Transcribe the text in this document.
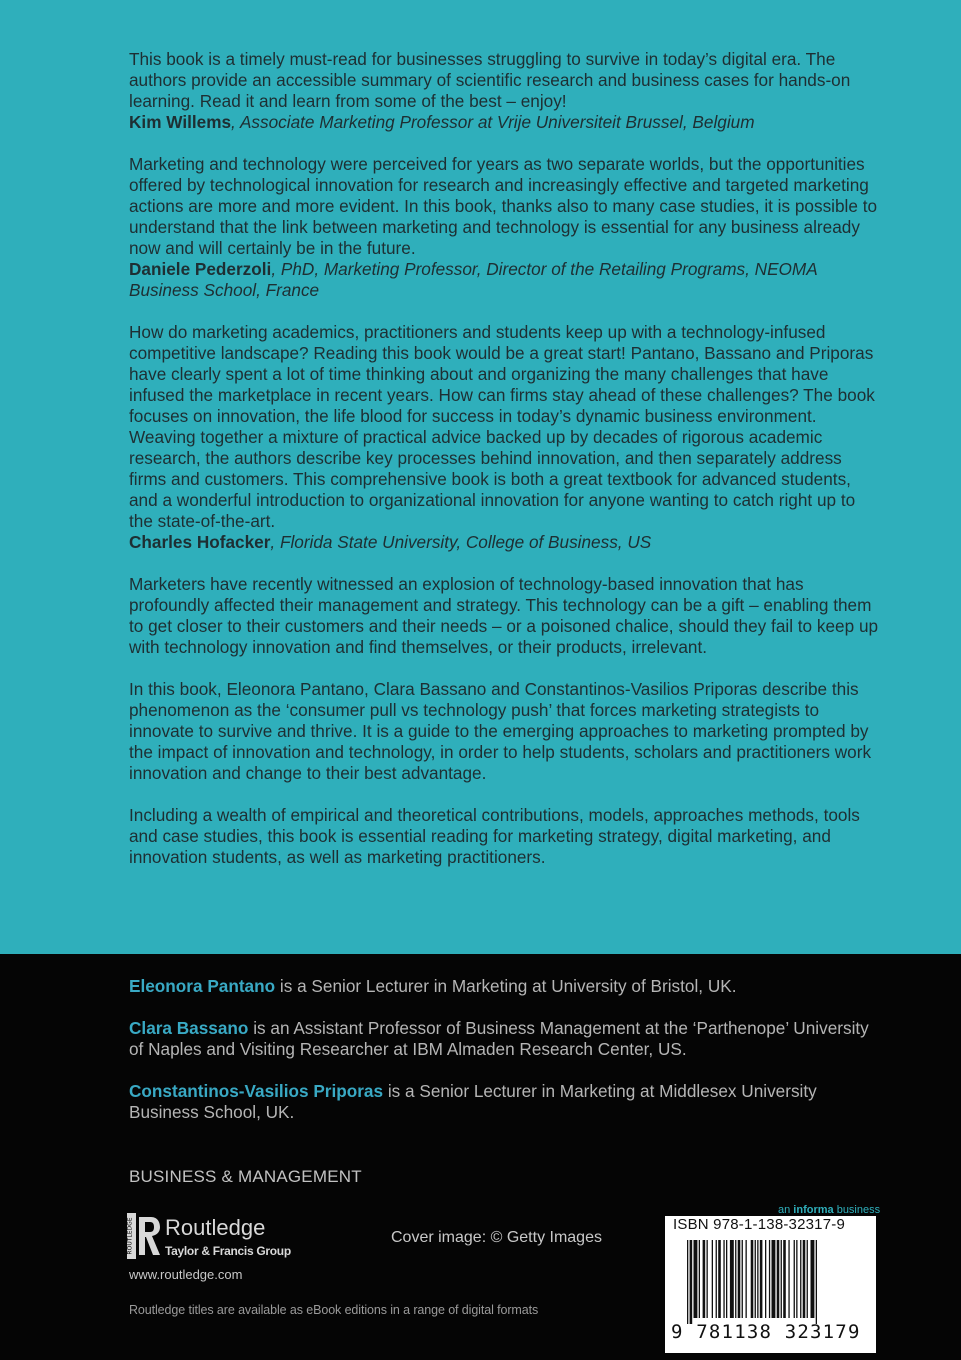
This book is a timely must-read for businesses struggling to survive in today’s digital era. The authors provide an accessible summary of scientific research and business cases for hands-on learning. Read it and learn from some of the best – enjoy!
Kim Willems, Associate Marketing Professor at Vrije Universiteit Brussel, Belgium

Marketing and technology were perceived for years as two separate worlds, but the opportunities offered by technological innovation for research and increasingly effective and targeted marketing actions are more and more evident. In this book, thanks also to many case studies, it is possible to understand that the link between marketing and technology is essential for any business already now and will certainly be in the future.
Daniele Pederzoli, PhD, Marketing Professor, Director of the Retailing Programs, NEOMA Business School, France

How do marketing academics, practitioners and students keep up with a technology-infused competitive landscape? Reading this book would be a great start! Pantano, Bassano and Priporas have clearly spent a lot of time thinking about and organizing the many challenges that have infused the marketplace in recent years. How can firms stay ahead of these challenges? The book focuses on innovation, the life blood for success in today’s dynamic business environment. Weaving together a mixture of practical advice backed up by decades of rigorous academic research, the authors describe key processes behind innovation, and then separately address firms and customers. This comprehensive book is both a great textbook for advanced students, and a wonderful introduction to organizational innovation for anyone wanting to catch right up to the state-of-the-art.
Charles Hofacker, Florida State University, College of Business, US

Marketers have recently witnessed an explosion of technology-based innovation that has profoundly affected their management and strategy. This technology can be a gift – enabling them to get closer to their customers and their needs – or a poisoned chalice, should they fail to keep up with technology innovation and find themselves, or their products, irrelevant.

In this book, Eleonora Pantano, Clara Bassano and Constantinos-Vasilios Priporas describe this phenomenon as the ‘consumer pull vs technology push’ that forces marketing strategists to innovate to survive and thrive. It is a guide to the emerging approaches to marketing prompted by the impact of innovation and technology, in order to help students, scholars and practitioners work innovation and change to their best advantage.

Including a wealth of empirical and theoretical contributions, models, approaches methods, tools and case studies, this book is essential reading for marketing strategy, digital marketing, and innovation students, as well as marketing practitioners.

Eleonora Pantano is a Senior Lecturer in Marketing at University of Bristol, UK.

Clara Bassano is an Assistant Professor of Business Management at the ‘Parthenope’ University of Naples and Visiting Researcher at IBM Almaden Research Center, US.

Constantinos-Vasilios Priporas is a Senior Lecturer in Marketing at Middlesex University Business School, UK.

BUSINESS & MANAGEMENT
ROUTLEDGE Routledge
Taylor & Francis Group
www.routledge.com
Routledge titles are available as eBook editions in a range of digital formats
Cover image: © Getty Images
an informa business
ISBN 978-1-138-32317-9
9 781138 323179
